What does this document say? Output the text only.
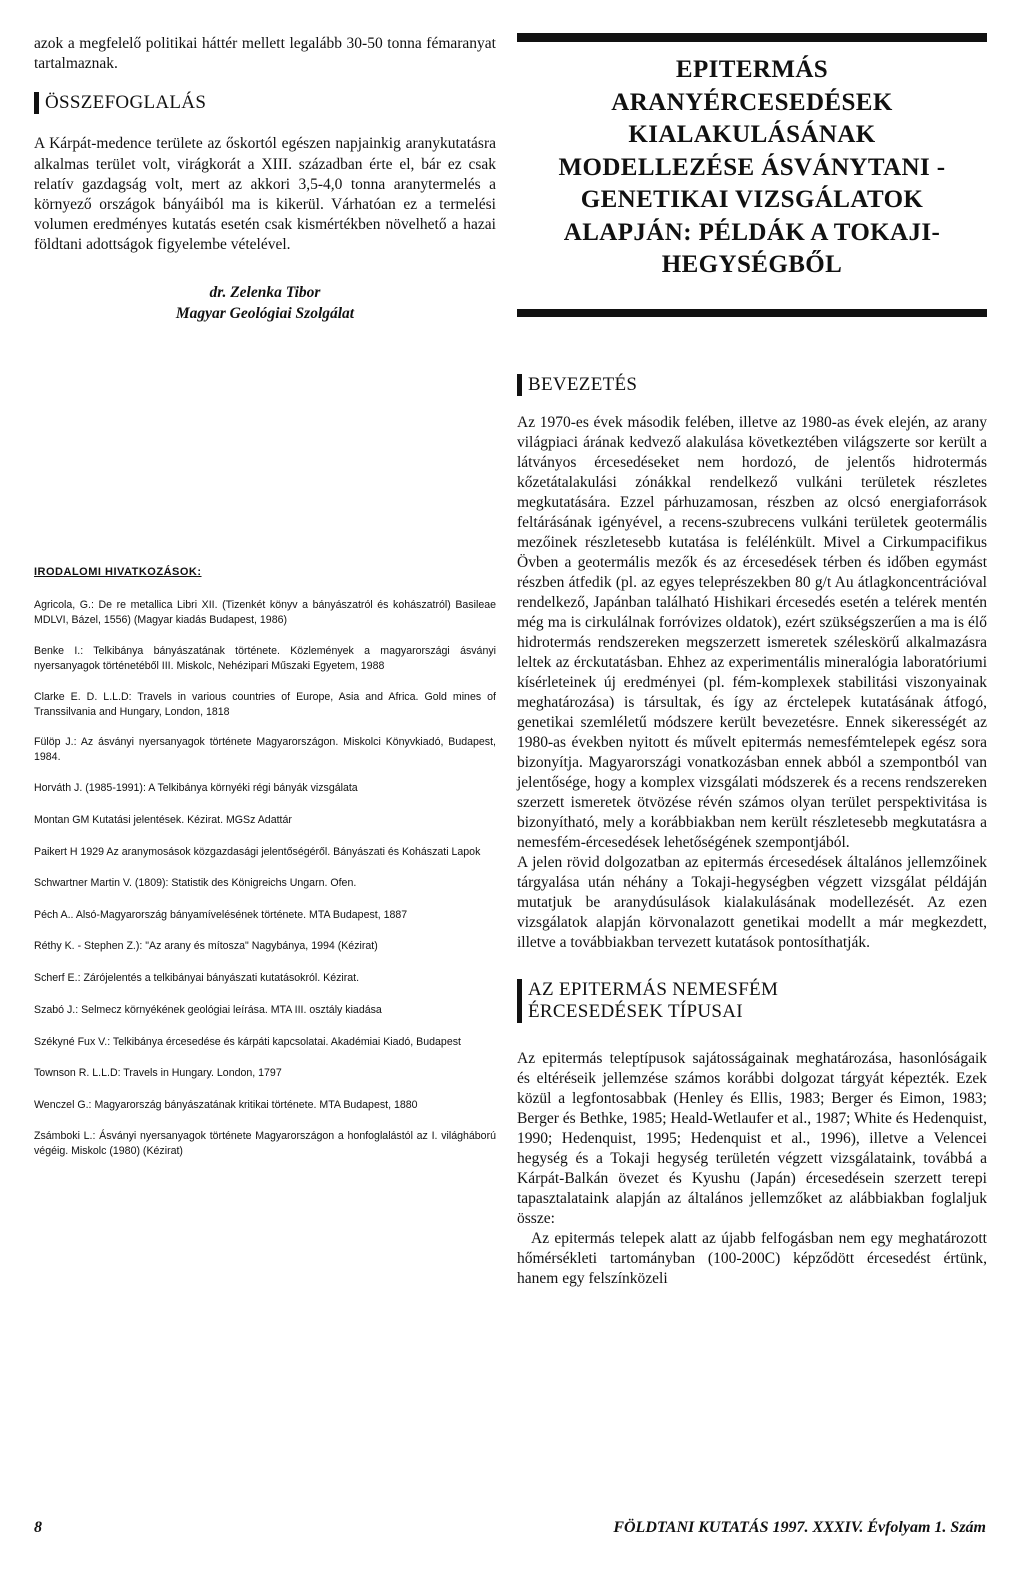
azok a megfelelő politikai háttér mellett legalább 30-50 tonna fémaranyat tartalmaznak.

ÖSSZEFOGLALÁS

A Kárpát-medence területe az őskortól egészen napjainkig aranykutatásra alkalmas terület volt, virágkorát a XIII. században érte el, bár ez csak relatív gazdagság volt, mert az akkori 3,5-4,0 tonna aranytermelés a környező országok bányáiból ma is kikerül. Várhatóan ez a termelési volumen eredményes kutatás esetén csak kismértékben növelhető a hazai földtani adottságok figyelembe vételével.

dr. Zelenka Tibor
Magyar Geológiai Szolgálat
IRODALOMI HIVATKOZÁSOK:

Agricola, G.: De re metallica Libri XII. (Tizenkét könyv a bányászatról és kohászatról) Basileae MDLVI, Bázel, 1556) (Magyar kiadás Budapest, 1986)

Benke I.: Telkibánya bányászatának története. Közlemények a magyarországi ásványi nyersanyagok történetéből III. Miskolc, Nehézipari Műszaki Egyetem, 1988

Clarke E. D. L.L.D: Travels in various countries of Europe, Asia and Africa. Gold mines of Transsilvania and Hungary, London, 1818

Fülöp J.: Az ásványi nyersanyagok története Magyarországon. Miskolci Könyvkiadó, Budapest, 1984.

Horváth J. (1985-1991): A Telkibánya környéki régi bányák vizsgálata

Montan GM Kutatási jelentések. Kézirat. MGSz Adattár

Paikert H 1929 Az aranymosások közgazdasági jelentőségéről. Bányászati és Kohászati Lapok

Schwartner Martin V. (1809): Statistik des Königreichs Ungarn. Ofen.

Péch A.. Alsó-Magyarország bányamívelésének története. MTA Budapest, 1887

Réthy K. - Stephen Z.): "Az arany és mítosza" Nagybánya, 1994 (Kézirat)

Scherf E.: Zárójelentés a telkibányai bányászati kutatásokról. Kézirat.

Szabó J.: Selmecz környékének geológiai leírása. MTA III. osztály kiadása

Székyné Fux V.: Telkibánya ércesedése és kárpáti kapcsolatai. Akadémiai Kiadó, Budapest

Townson R. L.L.D: Travels in Hungary. London, 1797

Wenczel G.: Magyarország bányászatának kritikai története. MTA Budapest, 1880

Zsámboki L.: Ásványi nyersanyagok története Magyarországon a honfoglalástól az I. világháború végéig. Miskolc (1980) (Kézirat)

EPITERMÁS
ARANYÉRCESEDÉSEK
KIALAKULÁSÁNAK
MODELLEZÉSE ÁSVÁNYTANI -
GENETIKAI VIZSGÁLATOK
ALAPJÁN: PÉLDÁK A TOKAJI-
HEGYSÉGBŐL
BEVEZETÉS

Az 1970-es évek második felében, illetve az 1980-as évek elején, az arany világpiaci árának kedvező alakulása következtében világszerte sor került a látványos ércesedéseket nem hordozó, de jelentős hidrotermás kőzetátalakulási zónákkal rendelkező vulkáni területek részletes megkutatására. Ezzel párhuzamosan, részben az olcsó energiaforrások feltárásának igényével, a recens-szubrecens vulkáni területek geotermális mezőinek részletesebb kutatása is felélénkült. Mivel a Cirkumpacifikus Övben a geotermális mezők és az ércesedések térben és időben egymást részben átfedik (pl. az egyes teleprészekben 80 g/t Au átlagkoncentrációval rendelkező, Japánban található Hishikari ércesedés esetén a telérek mentén még ma is cirkulálnak forróvizes oldatok), ezért szükségszerűen a ma is élő hidrotermás rendszereken megszerzett ismeretek széleskörű alkalmazásra leltek az érckutatásban. Ehhez az experimentális mineralógia laboratóriumi kísérleteinek új eredményei (pl. fém-komplexek stabilitási viszonyainak meghatározása) is társultak, és így az érctelepek kutatásának átfogó, genetikai szemléletű módszere került bevezetésre. Ennek sikerességét az 1980-as években nyitott és művelt epitermás nemesfémtelepek egész sora bizonyítja. Magyarországi vonatkozásban ennek abból a szempontból van jelentősége, hogy a komplex vizsgálati módszerek és a recens rendszereken szerzett ismeretek ötvözése révén számos olyan terület perspektivitása is bizonyítható, mely a korábbiakban nem került részletesebb megkutatásra a nemesfém-ércesedések lehetőségének szempontjából.

A jelen rövid dolgozatban az epitermás ércesedések általános jellemzőinek tárgyalása után néhány a Tokaji-hegységben végzett vizsgálat példáján mutatjuk be aranydúsulások kialakulásának modellezését. Az ezen vizsgálatok alapján körvonalazott genetikai modellt a már megkezdett, illetve a továbbiakban tervezett kutatások pontosíthatják.

AZ EPITERMÁS NEMESFÉM
ÉRCESEDÉSEK TÍPUSAI

Az epitermás teleptípusok sajátosságainak meghatározása, hasonlóságaik és eltéréseik jellemzése számos korábbi dolgozat tárgyát képezték. Ezek közül a legfontosabbak (Henley és Ellis, 1983; Berger és Eimon, 1983; Berger és Bethke, 1985; Heald-Wetlaufer et al., 1987; White és Hedenquist, 1990; Hedenquist, 1995; Hedenquist et al., 1996), illetve a Velencei hegység és a Tokaji hegység területén végzett vizsgálataink, továbbá a Kárpát-Balkán övezet és Kyushu (Japán) ércesedésein szerzett terepi tapasztalataink alapján az általános jellemzőket az alábbiakban foglaljuk össze:

Az epitermás telepek alatt az újabb felfogásban nem egy meghatározott hőmérsékleti tartományban (100-200C) képződött ércesedést értünk, hanem egy felszínközeli

8	FÖLDTANI KUTATÁS 1997. XXXIV. Évfolyam 1. Szám
